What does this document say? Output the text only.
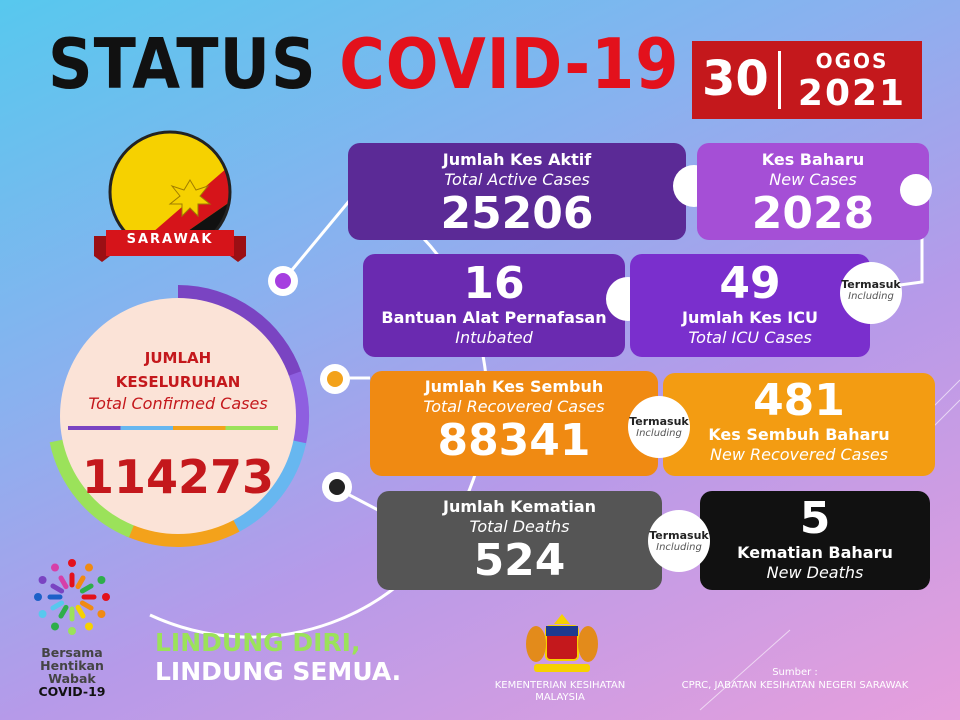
STATUS COVID-19 30	OGOS
2021
SARAWAK
JUMLAH
KESELURUHAN
Total Confirmed Cases
114273
Jumlah Kes Aktif
Total Active Cases
25206
Kes Baharu
New Cases
2028
16
Bantuan Alat Pernafasan
Intubated
49
Jumlah Kes ICU
Total ICU Cases
Termasuk
Including
Jumlah Kes Sembuh
Total Recovered Cases
88341
481
Kes Sembuh Baharu
New Recovered Cases
Termasuk
Including
Jumlah Kematian
Total Deaths
524
5
Kematian Baharu
New Deaths
Termasuk
Including
Bersama
Hentikan
Wabak
COVID-19
LINDUNG DIRI,
LINDUNG SEMUA.	KEMENTERIAN KESIHATAN
MALAYSIA
Sumber :
CPRC, JABATAN KESIHATAN NEGERI SARAWAK
